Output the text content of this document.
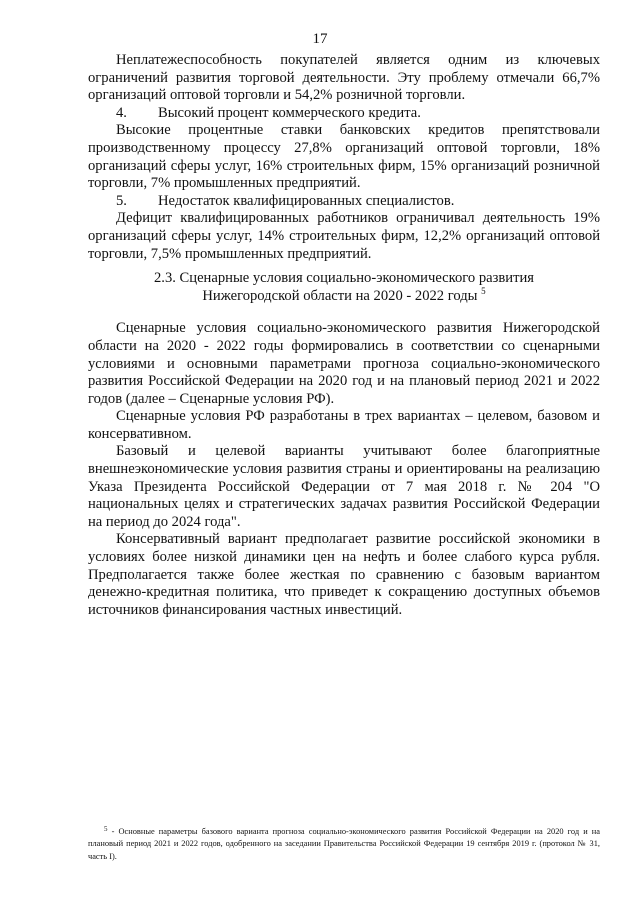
17

Неплатежеспособность покупателей является одним из ключевых ограничений развития торговой деятельности. Эту проблему отмечали 66,7% организаций оптовой торговли и 54,2% розничной торговли.

4.	Высокий процент коммерческого кредита.

Высокие процентные ставки банковских кредитов препятствовали производственному процессу 27,8% организаций оптовой торговли, 18% организаций сферы услуг, 16% строительных фирм, 15% организаций розничной торговли, 7% промышленных предприятий.

5.	Недостаток квалифицированных специалистов.

Дефицит квалифицированных работников ограничивал деятельность 19% организаций сферы услуг, 14% строительных фирм, 12,2% организаций оптовой торговли, 7,5% промышленных предприятий.

2.3. Сценарные условия социально-экономического развития
Нижегородской области на 2020 - 2022 годы $^5$

Сценарные условия социально-экономического развития Нижегородской области на 2020 - 2022 годы формировались в соответствии со сценарными условиями и основными параметрами прогноза социально-экономического развития Российской Федерации на 2020 год и на плановый период 2021 и 2022 годов (далее – Сценарные условия РФ).

Сценарные условия РФ разработаны в трех вариантах – целевом, базовом и консервативном.

Базовый и целевой варианты учитывают более благоприятные внешнеэкономические условия развития страны и ориентированы на реализацию Указа Президента Российской Федерации от 7 мая 2018 г. № 204 "О национальных целях и стратегических задачах развития Российской Федерации на период до 2024 года".

Консервативный вариант предполагает развитие российской экономики в условиях более низкой динамики цен на нефть и более слабого курса рубля. Предполагается также более жесткая по сравнению с базовым вариантом денежно-кредитная политика, что приведет к сокращению доступных объемов источников финансирования частных инвестиций.

$^5$ - Основные параметры базового варианта прогноза социально-экономического развития Российской Федерации на 2020 год и на плановый период 2021 и 2022 годов, одобренного на заседании Правительства Российской Федерации 19 сентября 2019 г. (протокол № 31, часть I).
